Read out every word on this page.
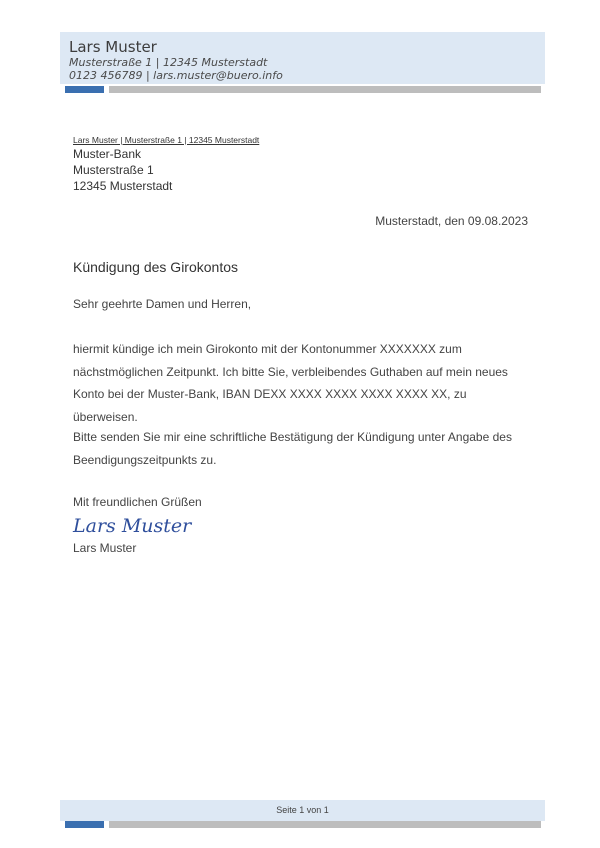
Lars Muster
Musterstraße 1 | 12345 Musterstadt
0123 456789 | lars.muster@buero.info
Lars Muster | Musterstraße 1 | 12345 Musterstadt
Muster-Bank
Musterstraße 1
12345 Musterstadt
Musterstadt, den 09.08.2023
Kündigung des Girokontos
Sehr geehrte Damen und Herren,
hiermit kündige ich mein Girokonto mit der Kontonummer XXXXXXX zum nächstmöglichen Zeitpunkt. Ich bitte Sie, verbleibendes Guthaben auf mein neues Konto bei der Muster-Bank, IBAN DEXX XXXX XXXX XXXX XXXX XX, zu überweisen.
Bitte senden Sie mir eine schriftliche Bestätigung der Kündigung unter Angabe des Beendigungszeitpunkts zu.
Mit freundlichen Grüßen
Lars Muster
Lars Muster
Seite 1 von 1
